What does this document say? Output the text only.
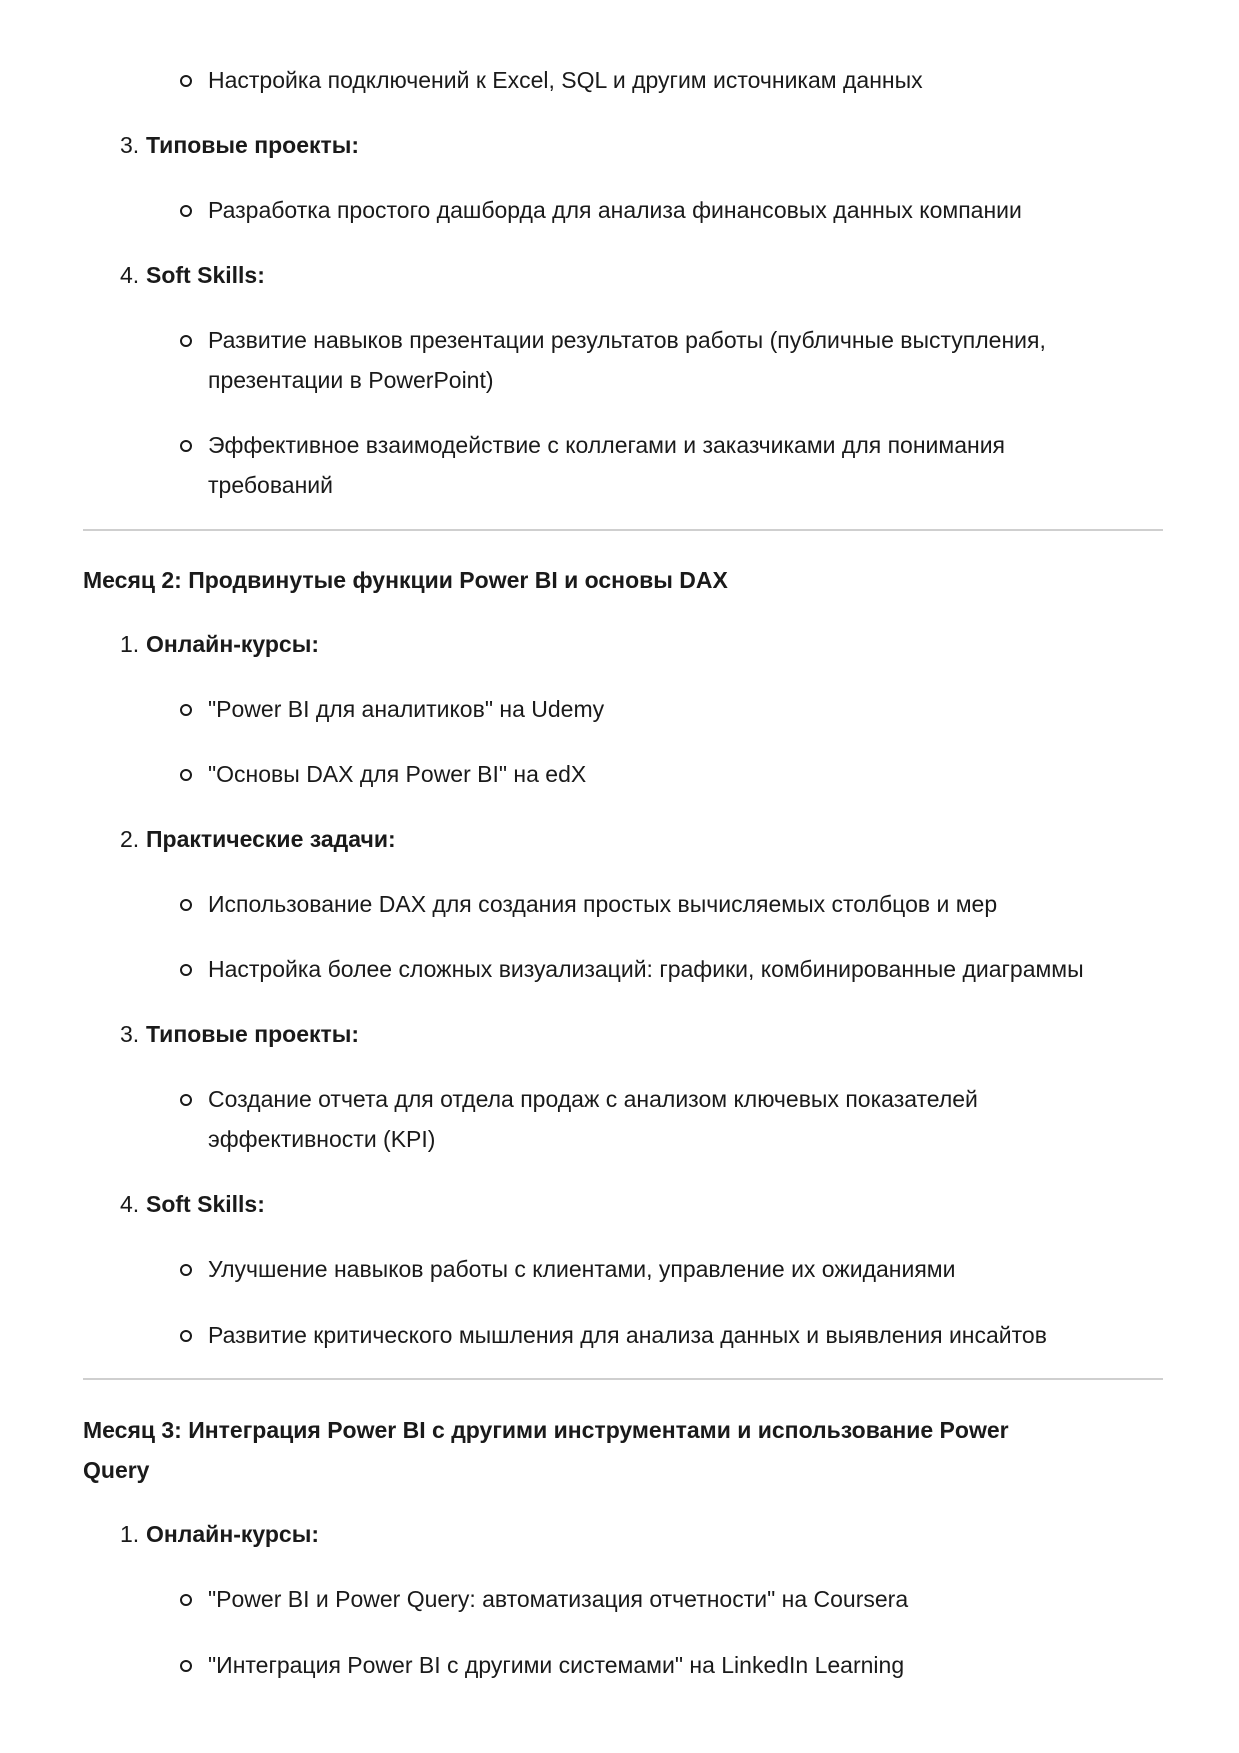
Настройка подключений к Excel, SQL и другим источникам данных
3. Типовые проекты:
Разработка простого дашборда для анализа финансовых данных компании
4. Soft Skills:
Развитие навыков презентации результатов работы (публичные выступления,
презентации в PowerPoint)
Эффективное взаимодействие с коллегами и заказчиками для понимания
требований
Месяц 2: Продвинутые функции Power BI и основы DAX
1. Онлайн-курсы:
"Power BI для аналитиков" на Udemy
"Основы DAX для Power BI" на edX
2. Практические задачи:
Использование DAX для создания простых вычисляемых столбцов и мер
Настройка более сложных визуализаций: графики, комбинированные диаграммы
3. Типовые проекты:
Создание отчета для отдела продаж с анализом ключевых показателей
эффективности (KPI)
4. Soft Skills:
Улучшение навыков работы с клиентами, управление их ожиданиями
Развитие критического мышления для анализа данных и выявления инсайтов
Месяц 3: Интеграция Power BI с другими инструментами и использование Power
Query
1. Онлайн-курсы:
"Power BI и Power Query: автоматизация отчетности" на Coursera
"Интеграция Power BI с другими системами" на LinkedIn Learning
